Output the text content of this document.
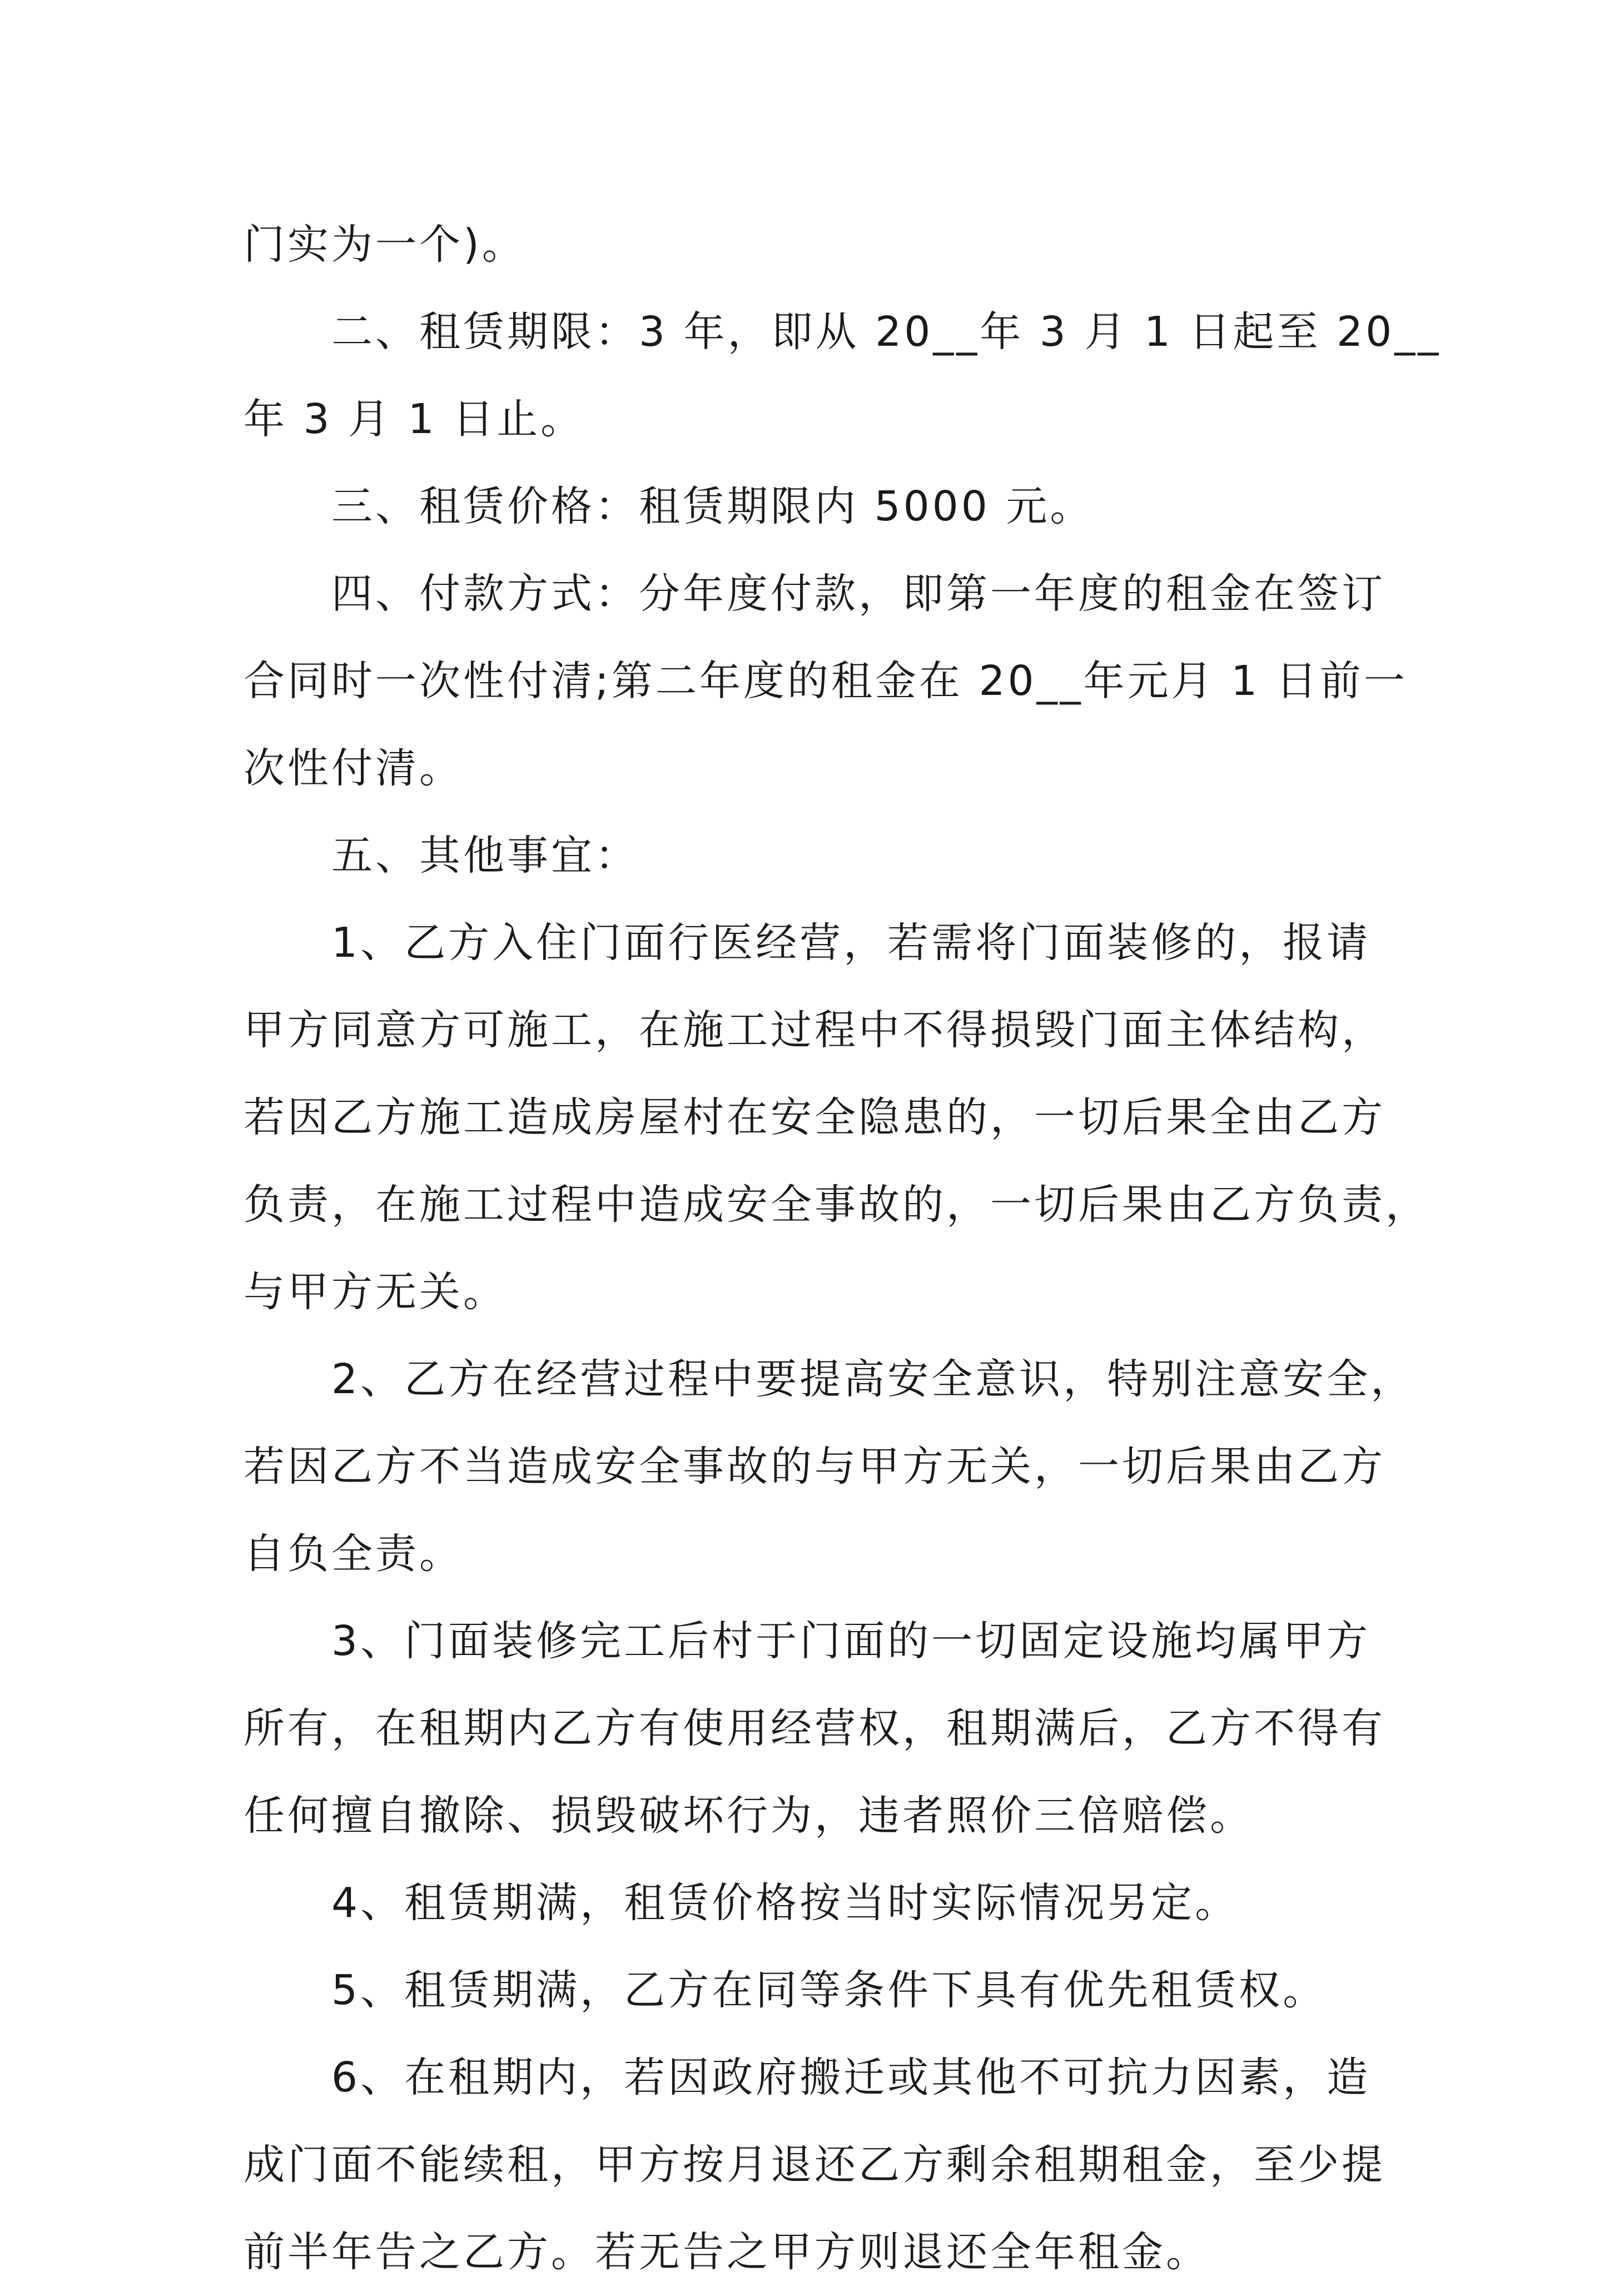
门实为一个)。
　　二、租赁期限：3 年，即从 20__年 3 月 1 日起至 20__
年 3 月 1 日止。
　　三、租赁价格：租赁期限内 5000 元。
　　四、付款方式：分年度付款，即第一年度的租金在签订
合同时一次性付清;第二年度的租金在 20__年元月 1 日前一
次性付清。
　　五、其他事宜：
　　1、乙方入住门面行医经营，若需将门面装修的，报请
甲方同意方可施工，在施工过程中不得损毁门面主体结构，
若因乙方施工造成房屋村在安全隐患的，一切后果全由乙方
负责，在施工过程中造成安全事故的，一切后果由乙方负责，
与甲方无关。
　　2、乙方在经营过程中要提高安全意识，特别注意安全，
若因乙方不当造成安全事故的与甲方无关，一切后果由乙方
自负全责。
　　3、门面装修完工后村于门面的一切固定设施均属甲方
所有，在租期内乙方有使用经营权，租期满后，乙方不得有
任何擅自撤除、损毁破坏行为，违者照价三倍赔偿。
　　4、租赁期满，租赁价格按当时实际情况另定。
　　5、租赁期满，乙方在同等条件下具有优先租赁权。
　　6、在租期内，若因政府搬迁或其他不可抗力因素，造
成门面不能续租，甲方按月退还乙方剩余租期租金，至少提
前半年告之乙方。若无告之甲方则退还全年租金。
